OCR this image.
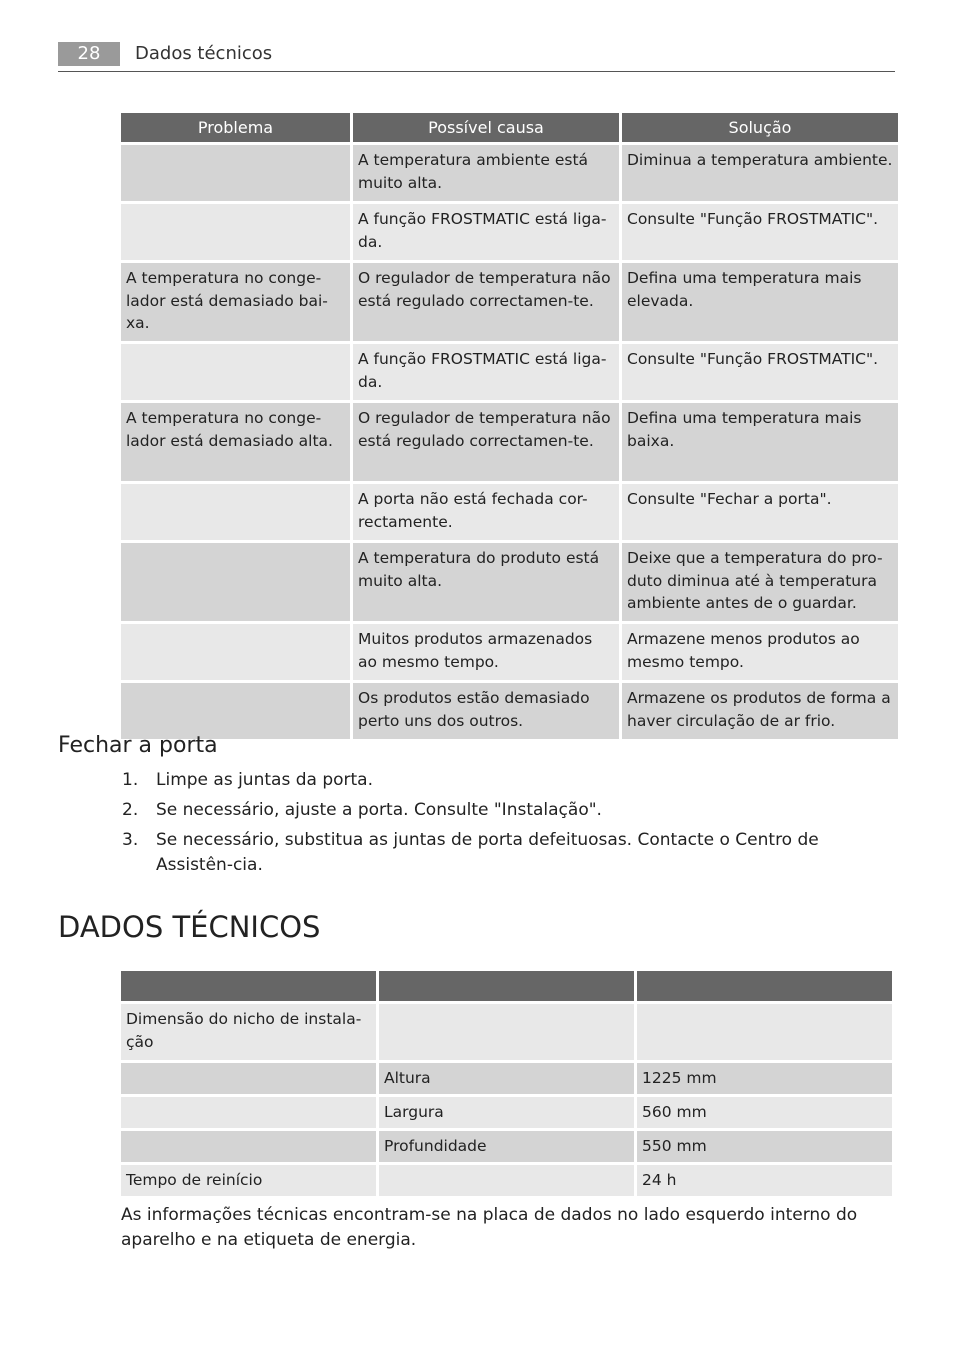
28	Dados técnicos
Problema	Possível causa	Solução
	A temperatura ambiente está muito alta.	Diminua a temperatura ambiente.
	A função FROSTMATIC está liga-da.	Consulte "Função FROSTMATIC".
A temperatura no conge-lador está demasiado bai-xa.	O regulador de temperatura não está regulado correctamen-te.	Defina uma temperatura mais elevada.
	A função FROSTMATIC está liga-da.	Consulte "Função FROSTMATIC".
A temperatura no conge-lador está demasiado alta.	O regulador de temperatura não está regulado correctamen-te.	Defina uma temperatura mais baixa.
	A porta não está fechada cor-rectamente.	Consulte "Fechar a porta".
	A temperatura do produto está muito alta.	Deixe que a temperatura do pro-duto diminua até à temperatura ambiente antes de o guardar.
	Muitos produtos armazenados ao mesmo tempo.	Armazene menos produtos ao mesmo tempo.
	Os produtos estão demasiado perto uns dos outros.	Armazene os produtos de forma a haver circulação de ar frio.
Fechar a porta
1. Limpe as juntas da porta.
2. Se necessário, ajuste a porta. Consulte "Instalação".
3. Se necessário, substitua as juntas de porta defeituosas. Contacte o Centro de Assistên-cia.
DADOS TÉCNICOS

Dimensão do nicho de instala-ção		
	Altura	1225 mm
	Largura	560 mm
	Profundidade	550 mm
Tempo de reinício		24 h

As informações técnicas encontram-se na placa de dados no lado esquerdo interno do aparelho e na etiqueta de energia.
